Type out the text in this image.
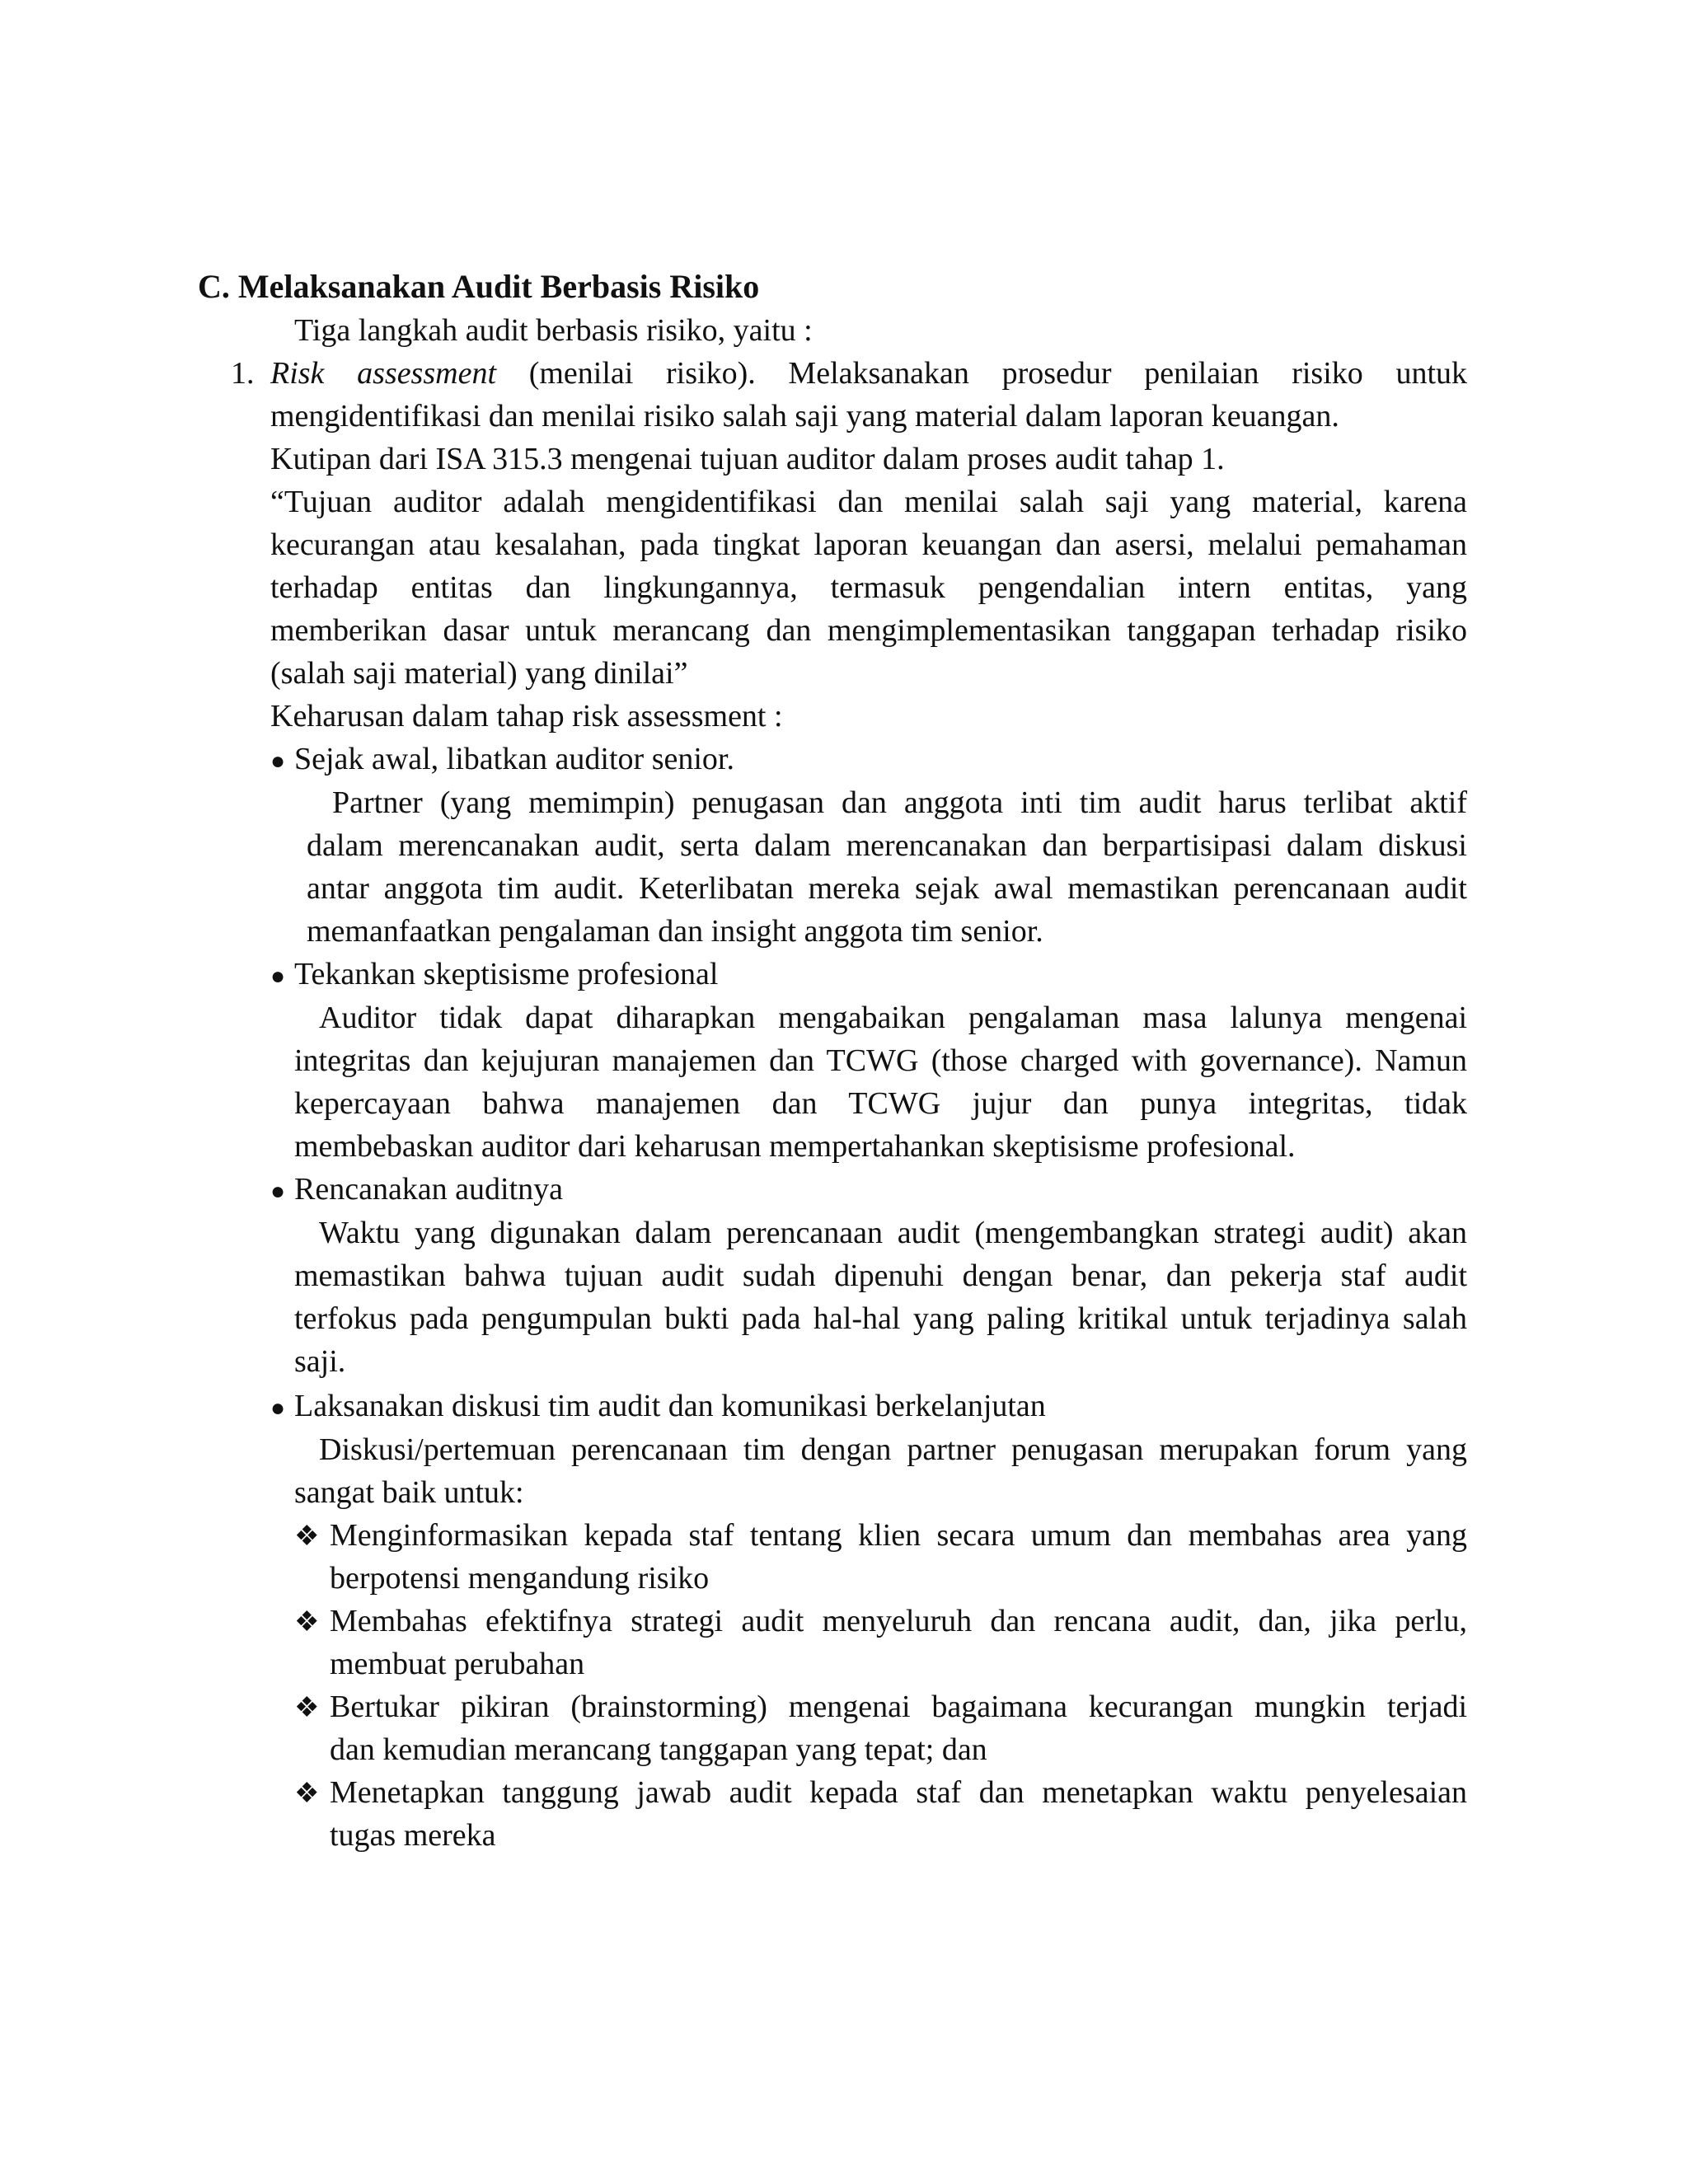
C. Melaksanakan Audit Berbasis Risiko
Tiga langkah audit berbasis risiko, yaitu :
1. Risk assessment (menilai risiko). Melaksanakan prosedur penilaian risiko untuk
mengidentifikasi dan menilai risiko salah saji yang material dalam laporan keuangan.
Kutipan dari ISA 315.3 mengenai tujuan auditor dalam proses audit tahap 1.
“Tujuan auditor adalah mengidentifikasi dan menilai salah saji yang material, karena
kecurangan atau kesalahan, pada tingkat laporan keuangan dan asersi, melalui pemahaman
terhadap entitas dan lingkungannya, termasuk pengendalian intern entitas, yang
memberikan dasar untuk merancang dan mengimplementasikan tanggapan terhadap risiko
(salah saji material) yang dinilai”
Keharusan dalam tahap risk assessment :
● Sejak awal, libatkan auditor senior.
Partner (yang memimpin) penugasan dan anggota inti tim audit harus terlibat aktif
dalam merencanakan audit, serta dalam merencanakan dan berpartisipasi dalam diskusi
antar anggota tim audit. Keterlibatan mereka sejak awal memastikan perencanaan audit
memanfaatkan pengalaman dan insight anggota tim senior.
● Tekankan skeptisisme profesional
Auditor tidak dapat diharapkan mengabaikan pengalaman masa lalunya mengenai
integritas dan kejujuran manajemen dan TCWG (those charged with governance). Namun
kepercayaan bahwa manajemen dan TCWG jujur dan punya integritas, tidak
membebaskan auditor dari keharusan mempertahankan skeptisisme profesional.
● Rencanakan auditnya
Waktu yang digunakan dalam perencanaan audit (mengembangkan strategi audit) akan
memastikan bahwa tujuan audit sudah dipenuhi dengan benar, dan pekerja staf audit
terfokus pada pengumpulan bukti pada hal-hal yang paling kritikal untuk terjadinya salah
saji.
● Laksanakan diskusi tim audit dan komunikasi berkelanjutan
Diskusi/pertemuan perencanaan tim dengan partner penugasan merupakan forum yang
sangat baik untuk:
❖ Menginformasikan kepada staf tentang klien secara umum dan membahas area yang
berpotensi mengandung risiko
❖ Membahas efektifnya strategi audit menyeluruh dan rencana audit, dan, jika perlu,
membuat perubahan
❖ Bertukar pikiran (brainstorming) mengenai bagaimana kecurangan mungkin terjadi
dan kemudian merancang tanggapan yang tepat; dan
❖ Menetapkan tanggung jawab audit kepada staf dan menetapkan waktu penyelesaian
tugas mereka
